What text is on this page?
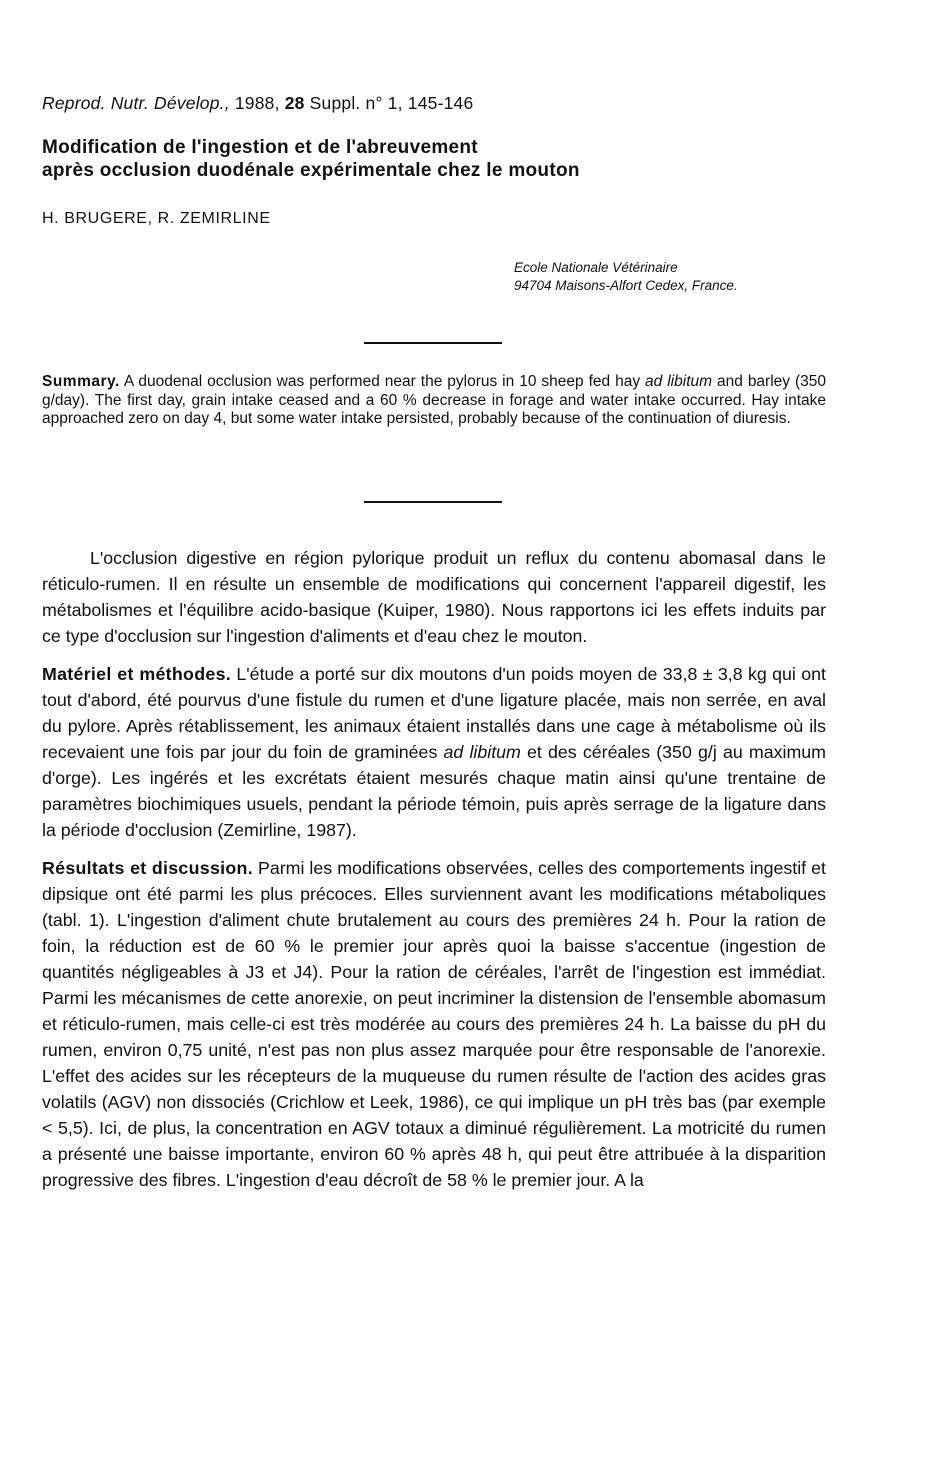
Reprod. Nutr. Dévelop., 1988, 28 Suppl. n° 1, 145-146
Modification de l'ingestion et de l'abreuvement
après occlusion duodénale expérimentale chez le mouton
H. BRUGERE, R. ZEMIRLINE
Ecole Nationale Vétérinaire
94704 Maisons-Alfort Cedex, France.
Summary. A duodenal occlusion was performed near the pylorus in 10 sheep fed hay ad libitum and barley (350 g/day). The first day, grain intake ceased and a 60 % decrease in forage and water intake occurred. Hay intake approached zero on day 4, but some water intake persisted, probably because of the continuation of diuresis.

L'occlusion digestive en région pylorique produit un reflux du contenu abomasal dans le réticulo-rumen. Il en résulte un ensemble de modifications qui concernent l'appareil digestif, les métabolismes et l'équilibre acido-basique (Kuiper, 1980). Nous rapportons ici les effets induits par ce type d'occlusion sur l'ingestion d'aliments et d'eau chez le mouton.

Matériel et méthodes. L'étude a porté sur dix moutons d'un poids moyen de 33,8 ± 3,8 kg qui ont tout d'abord, été pourvus d'une fistule du rumen et d'une ligature placée, mais non serrée, en aval du pylore. Après rétablissement, les animaux étaient installés dans une cage à métabolisme où ils recevaient une fois par jour du foin de graminées ad libitum et des céréales (350 g/j au maximum d'orge). Les ingérés et les excrétats étaient mesurés chaque matin ainsi qu'une trentaine de paramètres biochimiques usuels, pendant la période témoin, puis après serrage de la ligature dans la période d'occlusion (Zemirline, 1987).

Résultats et discussion. Parmi les modifications observées, celles des comportements ingestif et dipsique ont été parmi les plus précoces. Elles surviennent avant les modifications métaboliques (tabl. 1). L'ingestion d'aliment chute brutalement au cours des premières 24 h. Pour la ration de foin, la réduction est de 60 % le premier jour après quoi la baisse s'accentue (ingestion de quantités négligeables à J3 et J4). Pour la ration de céréales, l'arrêt de l'ingestion est immédiat. Parmi les mécanismes de cette anorexie, on peut incriminer la distension de l'ensemble abomasum et réticulo-rumen, mais celle-ci est très modérée au cours des premières 24 h. La baisse du pH du rumen, environ 0,75 unité, n'est pas non plus assez marquée pour être responsable de l'anorexie. L'effet des acides sur les récepteurs de la muqueuse du rumen résulte de l'action des acides gras volatils (AGV) non dissociés (Crichlow et Leek, 1986), ce qui implique un pH très bas (par exemple < 5,5). Ici, de plus, la concentration en AGV totaux a diminué régulièrement. La motricité du rumen a présenté une baisse importante, environ 60 % après 48 h, qui peut être attribuée à la disparition progressive des fibres. L'ingestion d'eau décroît de 58 % le premier jour. A la
